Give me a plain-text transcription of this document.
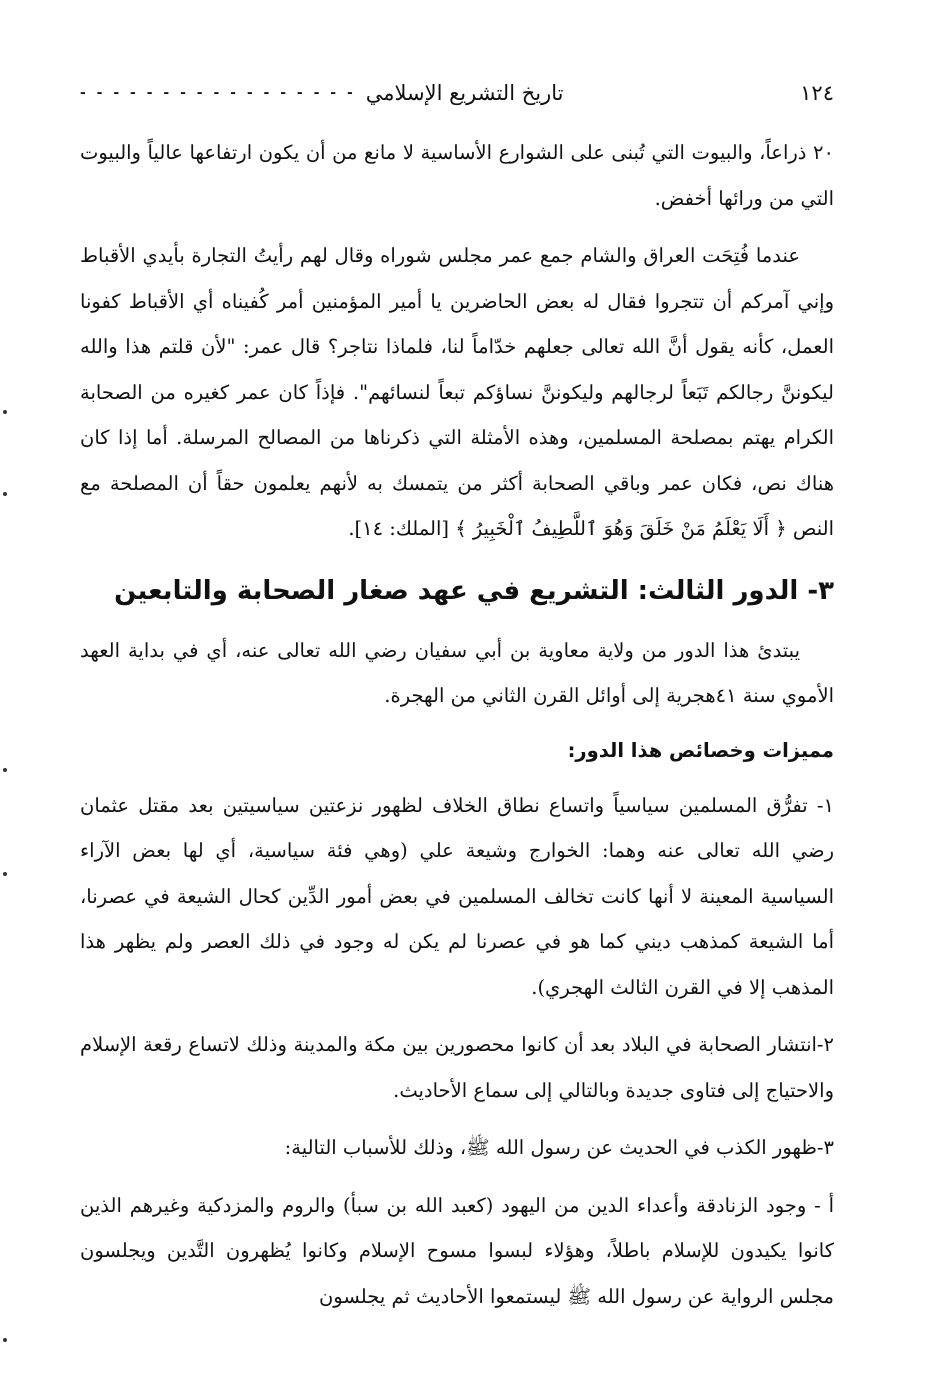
١٢٤
تاريخ التشريع الإسلامي
- - - - - - - - - - - - - - - - -

٢٠ ذراعاً، والبيوت التي تُبنى على الشوارع الأساسية لا مانع من أن يكون ارتفاعها عالياً والبيوت التي من ورائها أخفض.

عندما فُتِحَت العراق والشام جمع عمر مجلس شوراه وقال لهم رأيتُ التجارة بأيدي الأقباط وإني آمركم أن تتجروا فقال له بعض الحاضرين يا أمير المؤمنين أمر كُفيناه أي الأقباط كفونا العمل، كأنه يقول أنَّ الله تعالى جعلهم خدّاماً لنا، فلماذا نتاجر؟ قال عمر: "لأن قلتم هذا والله ليكوننَّ رجالكم تَبَعاً لرجالهم وليكوننَّ نساؤكم تبعاً لنسائهم". فإذاً كان عمر كغيره من الصحابة الكرام يهتم بمصلحة المسلمين، وهذه الأمثلة التي ذكرناها من المصالح المرسلة. أما إذا كان هناك نص، فكان عمر وباقي الصحابة أكثر من يتمسك به لأنهم يعلمون حقاً أن المصلحة مع النص ﴿ أَلَا يَعْلَمُ مَنْ خَلَقَ وَهُوَ ٱللَّطِيفُ ٱلْخَبِيرُ ﴾ [الملك: ١٤].

٣- الدور الثالث: التشريع في عهد صغار الصحابة والتابعين

يبتدئ هذا الدور من ولاية معاوية بن أبي سفيان رضي الله تعالى عنه، أي في بداية العهد الأموي سنة ٤١هجرية إلى أوائل القرن الثاني من الهجرة.

مميزات وخصائص هذا الدور:

١- تفرُّق المسلمين سياسياً واتساع نطاق الخلاف لظهور نزعتين سياسيتين بعد مقتل عثمان رضي الله تعالى عنه وهما: الخوارج وشيعة علي (وهي فئة سياسية، أي لها بعض الآراء السياسية المعينة لا أنها كانت تخالف المسلمين في بعض أمور الدِّين كحال الشيعة في عصرنا، أما الشيعة كمذهب ديني كما هو في عصرنا لم يكن له وجود في ذلك العصر ولم يظهر هذا المذهب إلا في القرن الثالث الهجري).

٢-انتشار الصحابة في البلاد بعد أن كانوا محصورين بين مكة والمدينة وذلك لاتساع رقعة الإسلام والاحتياج إلى فتاوى جديدة وبالتالي إلى سماع الأحاديث.

٣-ظهور الكذب في الحديث عن رسول الله ﷺ، وذلك للأسباب التالية:

أ - وجود الزنادقة وأعداء الدين من اليهود (كعبد الله بن سبأ) والروم والمزدكية وغيرهم الذين كانوا يكيدون للإسلام باطلاً، وهؤلاء لبسوا مسوح الإسلام وكانوا يُظهرون التَّدين ويجلسون مجلس الرواية عن رسول الله ﷺ ليستمعوا الأحاديث ثم يجلسون
